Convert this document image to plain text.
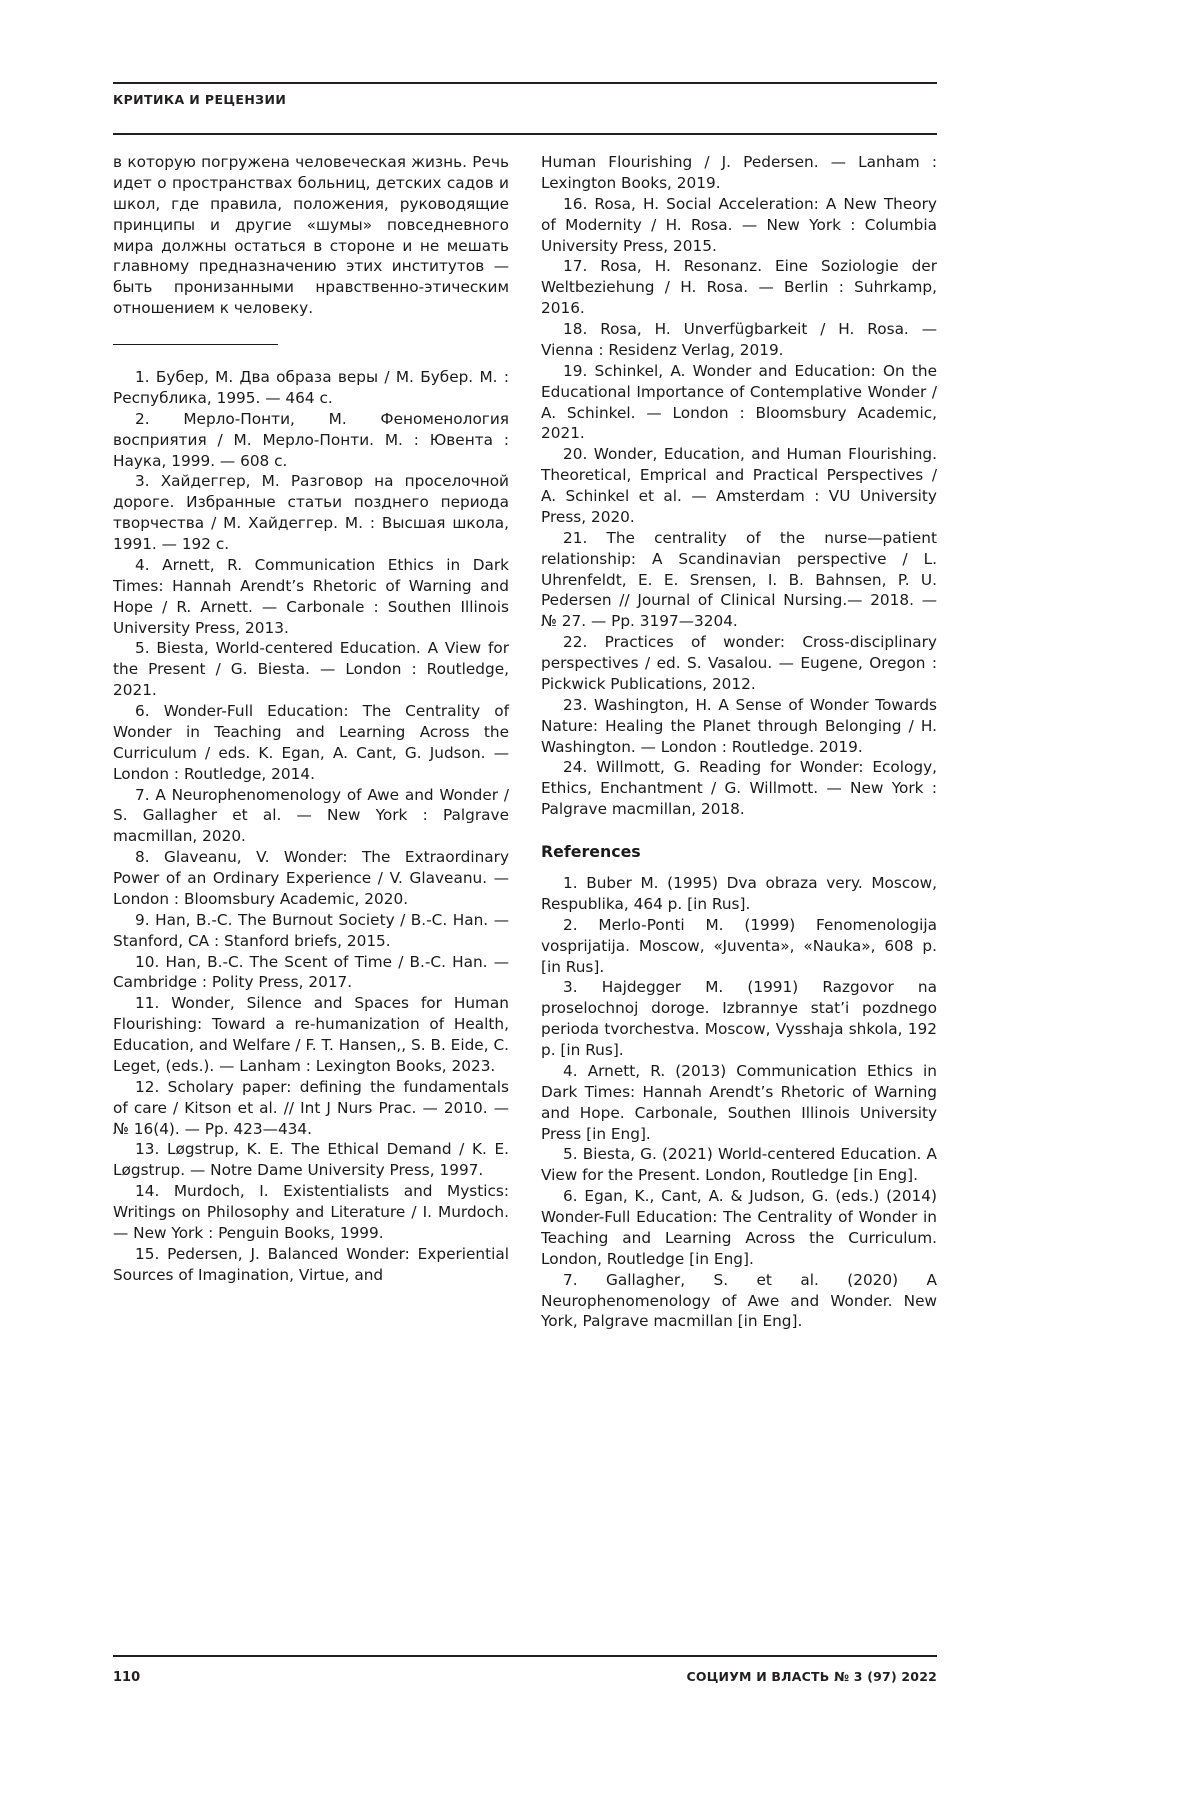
КРИТИКА И РЕЦЕНЗИИ

в которую погружена человеческая жизнь. Речь идет о пространствах больниц, детских садов и школ, где правила, положения, руководящие принципы и другие «шумы» повседневного мира должны остаться в стороне и не мешать главному предназначению этих институтов — быть пронизанными нравственно-этическим отношением к человеку.

1. Бубер, М. Два образа веры / М. Бубер. М. : Республика, 1995. — 464 с.

2. Мерло-Понти, М. Феноменология восприятия / М. Мерло-Понти. М. : Ювента : Наука, 1999. — 608 с.

3. Хайдеггер, М. Разговор на проселочной дороге. Избранные статьи позднего периода творчества / М. Хайдеггер. М. : Высшая школа, 1991. — 192 с.

4. Arnett, R. Communication Ethics in Dark Times: Hannah Arendt’s Rhetoric of Warning and Hope / R. Arnett. — Carbonale : Southen Illinois University Press, 2013.

5. Biesta, World-centered Education. A View for the Present / G. Biesta. — London : Routledge, 2021.

6. Wonder-Full Education: The Centrality of Wonder in Teaching and Learning Across the Curriculum / eds. K. Egan, A. Cant, G. Judson. — London : Routledge, 2014.

7. A Neurophenomenology of Awe and Wonder / S. Gallagher et al. — New York : Palgrave macmillan, 2020.

8. Glaveanu, V. Wonder: The Extraordinary Power of an Ordinary Experience / V. Glaveanu. — London : Bloomsbury Academic, 2020.

9. Han, B.-C. The Burnout Society / B.-C. Han. — Stanford, CA : Stanford briefs, 2015.

10. Han, B.-C. The Scent of Time / B.-C. Han. — Cambridge : Polity Press, 2017.

11. Wonder, Silence and Spaces for Human Flourishing: Toward a re-humanization of Health, Education, and Welfare / F. T. Hansen,, S. B. Eide, C. Leget, (eds.). — Lanham : Lexington Books, 2023.

12. Scholary paper: defining the fundamentals of care / Kitson et al. // Int J Nurs Prac. — 2010. — № 16(4). — Pp. 423—434.

13. Løgstrup, K. E. The Ethical Demand / K. E. Løgstrup. — Notre Dame University Press, 1997.

14. Murdoch, I. Existentialists and Mystics: Writings on Philosophy and Literature / I. Murdoch. — New York : Penguin Books, 1999.

15. Pedersen, J. Balanced Wonder: Experiential Sources of Imagination, Virtue, and

Human Flourishing / J. Pedersen. — Lanham : Lexington Books, 2019.

16. Rosa, H. Social Acceleration: A New Theory of Modernity / H. Rosa. — New York : Columbia University Press, 2015.

17. Rosa, H. Resonanz. Eine Soziologie der Weltbeziehung / H. Rosa. — Berlin : Suhrkamp, 2016.

18. Rosa, H. Unverfügbarkeit / H. Rosa. — Vienna : Residenz Verlag, 2019.

19. Schinkel, A. Wonder and Education: On the Educational Importance of Contemplative Wonder / A. Schinkel. — London : Bloomsbury Academic, 2021.

20. Wonder, Education, and Human Flourishing. Theoretical, Emprical and Practical Perspectives / A. Schinkel et al. — Amsterdam : VU University Press, 2020.

21. The centrality of the nurse—patient relationship: A Scandinavian perspective / L. Uhrenfeldt, E. E. Srensen, I. B. Bahnsen, P. U. Pedersen // Journal of Clinical Nursing.— 2018. — № 27. — Pp. 3197—3204.

22. Practices of wonder: Cross-disciplinary perspectives / ed. S. Vasalou. — Eugene, Oregon : Pickwick Publications, 2012.

23. Washington, H. A Sense of Wonder Towards Nature: Healing the Planet through Belonging / H. Washington. — London : Routledge. 2019.

24. Willmott, G. Reading for Wonder: Ecology, Ethics, Enchantment / G. Willmott. — New York : Palgrave macmillan, 2018.

References

1. Buber M. (1995) Dva obraza very. Moscow, Respublika, 464 p. [in Rus].

2. Merlo-Ponti M. (1999) Fenomenologija vosprijatija. Moscow, «Juventa», «Nauka», 608 p. [in Rus].

3. Hajdegger M. (1991) Razgovor na proselochnoj doroge. Izbrannye stat’i pozdnego perioda tvorchestva. Moscow, Vysshaja shkola, 192 p. [in Rus].

4. Arnett, R. (2013) Communication Ethics in Dark Times: Hannah Arendt’s Rhetoric of Warning and Hope. Carbonale, Southen Illinois University Press [in Eng].

5. Biesta, G. (2021) World-centered Education. A View for the Present. London, Routledge [in Eng].

6. Egan, K., Cant, A. & Judson, G. (eds.) (2014) Wonder-Full Education: The Centrality of Wonder in Teaching and Learning Across the Curriculum. London, Routledge [in Eng].

7. Gallagher, S. et al. (2020) A Neurophenomenology of Awe and Wonder. New York, Palgrave macmillan [in Eng].

110	СОЦИУМ И ВЛАСТЬ № 3 (97) 2022
